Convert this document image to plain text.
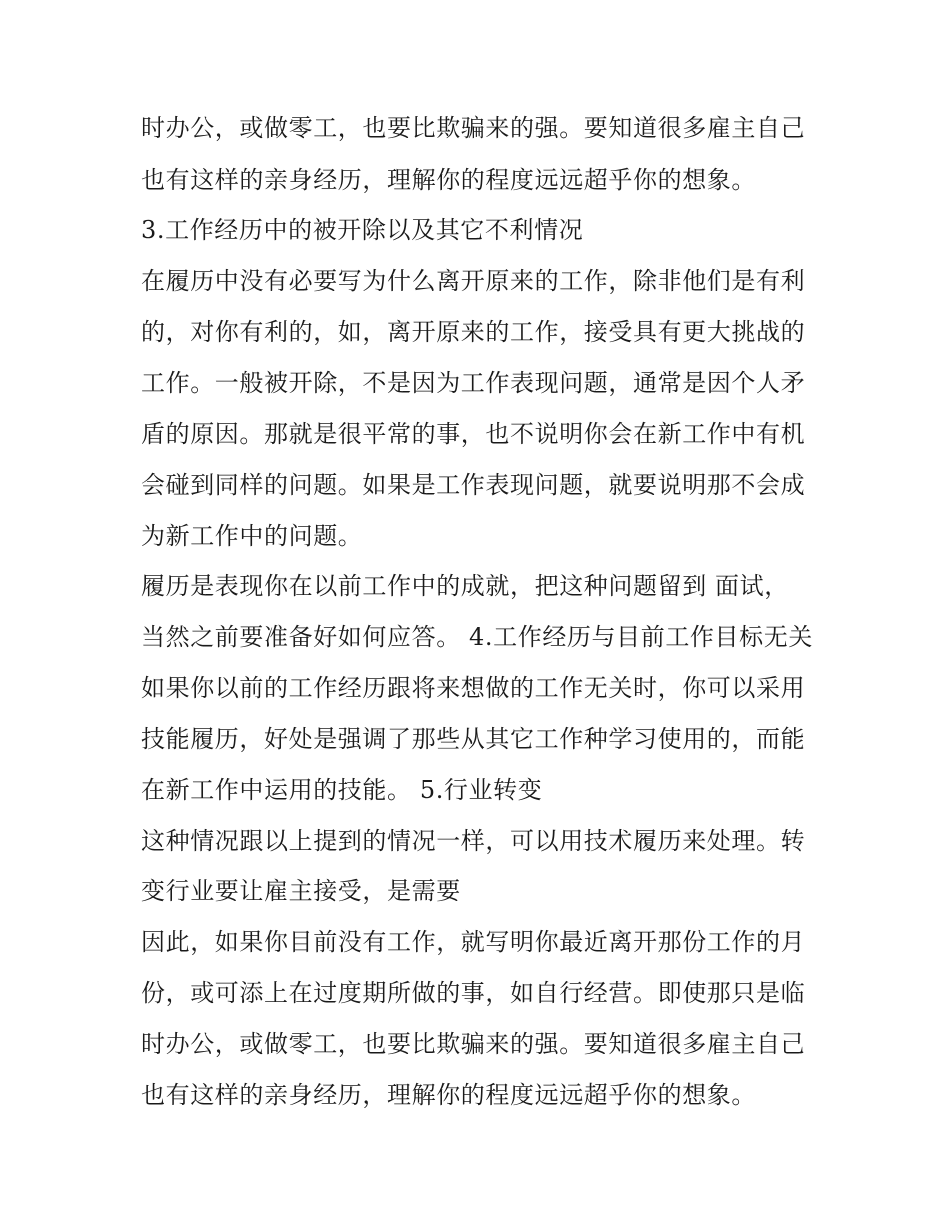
时办公，或做零工，也要比欺骗来的强。要知道很多雇主自己
也有这样的亲身经历，理解你的程度远远超乎你的想象。
3.工作经历中的被开除以及其它不利情况
在履历中没有必要写为什么离开原来的工作，除非他们是有利
的，对你有利的，如，离开原来的工作，接受具有更大挑战的
工作。一般被开除，不是因为工作表现问题，通常是因个人矛
盾的原因。那就是很平常的事，也不说明你会在新工作中有机
会碰到同样的问题。如果是工作表现问题，就要说明那不会成
为新工作中的问题。
履历是表现你在以前工作中的成就，把这种问题留到 面试，
当然之前要准备好如何应答。 4.工作经历与目前工作目标无关
如果你以前的工作经历跟将来想做的工作无关时，你可以采用
技能履历，好处是强调了那些从其它工作种学习使用的，而能
在新工作中运用的技能。 5.行业转变
这种情况跟以上提到的情况一样，可以用技术履历来处理。转
变行业要让雇主接受，是需要
因此，如果你目前没有工作，就写明你最近离开那份工作的月
份，或可添上在过度期所做的事，如自行经营。即使那只是临
时办公，或做零工，也要比欺骗来的强。要知道很多雇主自己
也有这样的亲身经历，理解你的程度远远超乎你的想象。
